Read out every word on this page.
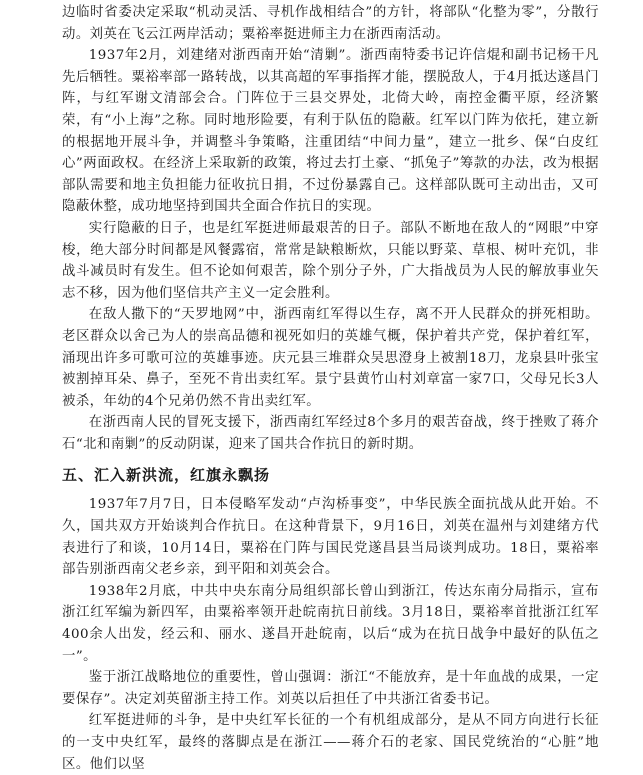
边临时省委决定采取“机动灵活、寻机作战相结合”的方针，将部队“化整为零”，分散行动。刘英在飞云江两岸活动；粟裕率挺进师主力在浙西南活动。

1937年2月，刘建绪对浙西南开始“清剿”。浙西南特委书记许信焜和副书记杨干凡先后牺牲。粟裕率部一路转战，以其高超的军事指挥才能，摆脱敌人，于4月抵达遂昌门阵，与红军谢文清部会合。门阵位于三县交界处，北倚大岭，南控金衢平原，经济繁荣，有“小上海”之称。同时地形险要，有利于队伍的隐蔽。红军以门阵为依托，建立新的根据地开展斗争，并调整斗争策略，注重团结“中间力量”，建立一批乡、保“白皮红心”两面政权。在经济上采取新的政策，将过去打土豪、“抓兔子”筹款的办法，改为根据部队需要和地主负担能力征收抗日捐，不过份暴露自己。这样部队既可主动出击，又可隐蔽休整，成功地坚持到国共全面合作抗日的实现。

实行隐蔽的日子，也是红军挺进师最艰苦的日子。部队不断地在敌人的“网眼”中穿梭，绝大部分时间都是风餐露宿，常常是缺粮断炊，只能以野菜、草根、树叶充饥，非战斗减员时有发生。但不论如何艰苦，除个别分子外，广大指战员为人民的解放事业矢志不移，因为他们坚信共产主义一定会胜利。

在敌人撒下的“天罗地网”中，浙西南红军得以生存，离不开人民群众的拼死相助。老区群众以舍己为人的崇高品德和视死如归的英雄气概，保护着共产党，保护着红军，涌现出许多可歌可泣的英雄事迹。庆元县三堆群众吴思澄身上被割18刀，龙泉县叶张宝被割掉耳朵、鼻子，至死不肯出卖红军。景宁县黄竹山村刘章富一家7口，父母兄长3人被杀，年幼的4个兄弟仍然不肯出卖红军。

在浙西南人民的冒死支援下，浙西南红军经过8个多月的艰苦奋战，终于挫败了蒋介石“北和南剿”的反动阴谋，迎来了国共合作抗日的新时期。

五、汇入新洪流，红旗永飘扬

1937年7月7日，日本侵略军发动“卢沟桥事变”，中华民族全面抗战从此开始。不久，国共双方开始谈判合作抗日。在这种背景下，9月16日，刘英在温州与刘建绪方代表进行了和谈，10月14日，粟裕在门阵与国民党遂昌县当局谈判成功。18日，粟裕率部告别浙西南父老乡亲，到平阳和刘英会合。

1938年2月底，中共中央东南分局组织部长曾山到浙江，传达东南分局指示，宣布浙江红军编为新四军，由粟裕率领开赴皖南抗日前线。3月18日，粟裕率首批浙江红军400余人出发，经云和、丽水、遂昌开赴皖南，以后“成为在抗日战争中最好的队伍之一”。

鉴于浙江战略地位的重要性，曾山强调：浙江“不能放弃，是十年血战的成果，一定要保存”。决定刘英留浙主持工作。刘英以后担任了中共浙江省委书记。

红军挺进师的斗争，是中央红军长征的一个有机组成部分，是从不同方向进行长征的一支中央红军，最终的落脚点是在浙江——蒋介石的老家、国民党统治的“心脏”地区。他们以坚
